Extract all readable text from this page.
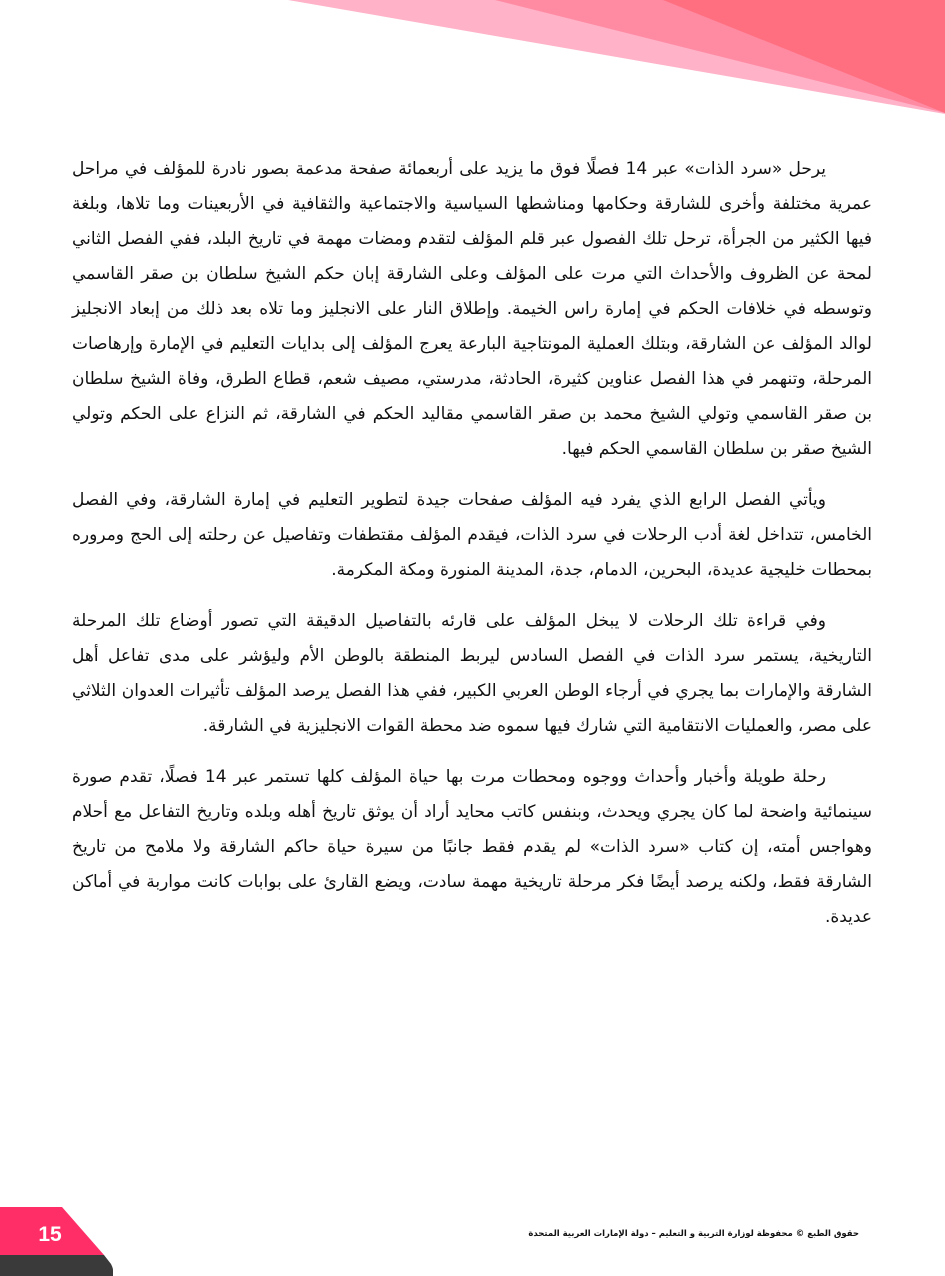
يرحل «سرد الذات» عبر 14 فصلًا فوق ما يزيد على أربعمائة صفحة مدعمة بصور نادرة للمؤلف في مراحل عمرية مختلفة وأخرى للشارقة وحكامها ومناشطها السياسية والاجتماعية والثقافية في الأربعينات وما تلاها، وبلغة فيها الكثير من الجرأة، ترحل تلك الفصول عبر قلم المؤلف لتقدم ومضات مهمة في تاريخ البلد، ففي الفصل الثاني لمحة عن الظروف والأحداث التي مرت على المؤلف وعلى الشارقة إبان حكم الشيخ سلطان بن صقر القاسمي وتوسطه في خلافات الحكم في إمارة راس الخيمة. وإطلاق النار على الانجليز وما تلاه بعد ذلك من إبعاد الانجليز لوالد المؤلف عن الشارقة، وبتلك العملية المونتاجية البارعة يعرج المؤلف إلى بدايات التعليم في الإمارة وإرهاصات المرحلة، وتنهمر في هذا الفصل عناوين كثيرة، الحادثة، مدرستي، مصيف شعم، قطاع الطرق، وفاة الشيخ سلطان بن صقر القاسمي وتولي الشيخ محمد بن صقر القاسمي مقاليد الحكم في الشارقة، ثم النزاع على الحكم وتولي الشيخ صقر بن سلطان القاسمي الحكم فيها.

ويأتي الفصل الرابع الذي يفرد فيه المؤلف صفحات جيدة لتطوير التعليم في إمارة الشارقة، وفي الفصل الخامس، تتداخل لغة أدب الرحلات في سرد الذات، فيقدم المؤلف مقتطفات وتفاصيل عن رحلته إلى الحج ومروره بمحطات خليجية عديدة، البحرين، الدمام، جدة، المدينة المنورة ومكة المكرمة.

وفي قراءة تلك الرحلات لا يبخل المؤلف على قارئه بالتفاصيل الدقيقة التي تصور أوضاع تلك المرحلة التاريخية، يستمر سرد الذات في الفصل السادس ليربط المنطقة بالوطن الأم وليؤشر على مدى تفاعل أهل الشارقة والإمارات بما يجري في أرجاء الوطن العربي الكبير، ففي هذا الفصل يرصد المؤلف تأثيرات العدوان الثلاثي على مصر، والعمليات الانتقامية التي شارك فيها سموه ضد محطة القوات الانجليزية في الشارقة.

رحلة طويلة وأخبار وأحداث ووجوه ومحطات مرت بها حياة المؤلف كلها تستمر عبر 14 فصلًا، تقدم صورة سينمائية واضحة لما كان يجري ويحدث، وبنفس كاتب محايد أراد أن يوثق تاريخ أهله وبلده وتاريخ التفاعل مع أحلام وهواجس أمته، إن كتاب «سرد الذات» لم يقدم فقط جانبًا من سيرة حياة حاكم الشارقة ولا ملامح من تاريخ الشارقة فقط، ولكنه يرصد أيضًا فكر مرحلة تاريخية مهمة سادت، ويضع القارئ على بوابات كانت مواربة في أماكن عديدة.

15	حقوق الطبع © محفوظة لوزارة التربية و التعليم – دولة الإمارات العربية المتحدة
